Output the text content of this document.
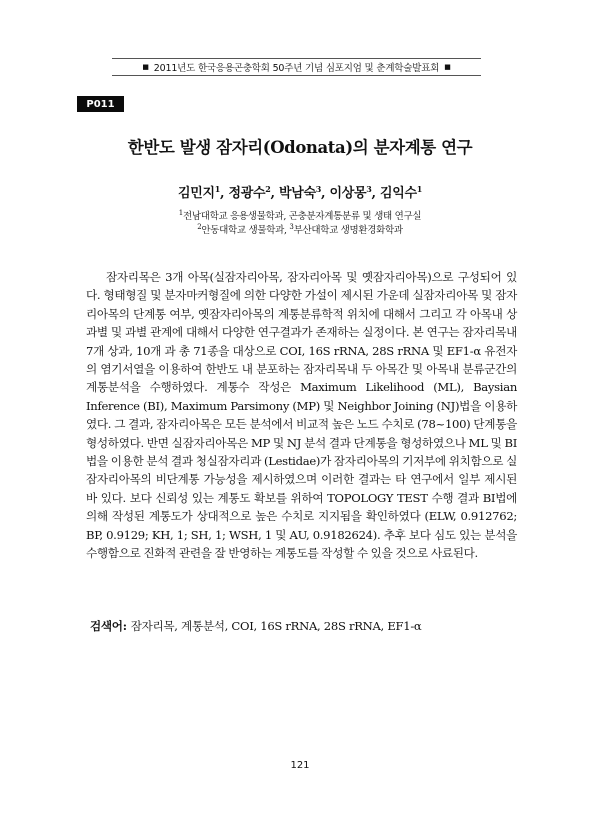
■ 2011년도 한국응용곤충학회 50주년 기념 심포지엄 및 춘계학술발표회 ■
P011
한반도 발생 잠자리(Odonata)의 분자계통 연구
김민지$^1$, 정광수$^2$, 박남숙$^3$, 이상몽$^3$, 김익수$^1$
$^1$전남대학교 응용생물학과, 곤충분자계통분류 및 생태 연구실
$^2$안동대학교 생물학과, $^3$부산대학교 생명환경화학과

잠자리목은 3개 아목(실잠자리아목, 잠자리아목 및 옛잠자리아목)으로 구성되어 있다. 형태형질 및 분자마커형질에 의한 다양한 가설이 제시된 가운데 실잠자리아목 및 잠자리아목의 단계통 여부, 옛잠자리아목의 계통분류학적 위치에 대해서 그리고 각 아목내 상과별 및 과별 관계에 대해서 다양한 연구결과가 존재하는 실정이다. 본 연구는 잠자리목내 7개 상과, 10개 과 총 71종을 대상으로 COI, 16S rRNA, 28S rRNA 및 EF1-α 유전자의 염기서열을 이용하여 한반도 내 분포하는 잠자리목내 두 아목간 및 아목내 분류군간의 계통분석을 수행하였다. 계통수 작성은 Maximum Likelihood (ML), Baysian Inference (BI), Maximum Parsimony (MP) 및 Neighbor Joining (NJ)법을 이용하였다. 그 결과, 잠자리아목은 모든 분석에서 비교적 높은 노드 수치로 (78~100) 단계통을 형성하였다. 반면 실잠자리아목은 MP 및 NJ 분석 결과 단계통을 형성하였으나 ML 및 BI법을 이용한 분석 결과 청실잠자리과 (Lestidae)가 잠자리아목의 기저부에 위치함으로 실잠자리아목의 비단계통 가능성을 제시하였으며 이러한 결과는 타 연구에서 일부 제시된 바 있다. 보다 신뢰성 있는 계통도 확보를 위하여 TOPOLOGY TEST 수행 결과 BI법에 의해 작성된 계통도가 상대적으로 높은 수치로 지지됨을 확인하였다 (ELW, 0.912762; BP, 0.9129; KH, 1; SH, 1; WSH, 1 및 AU, 0.9182624). 추후 보다 심도 있는 분석을 수행함으로 진화적 관련을 잘 반영하는 계통도를 작성할 수 있을 것으로 사료된다.

검색어: 잠자리목, 계통분석, COI, 16S rRNA, 28S rRNA, EF1-α
121
